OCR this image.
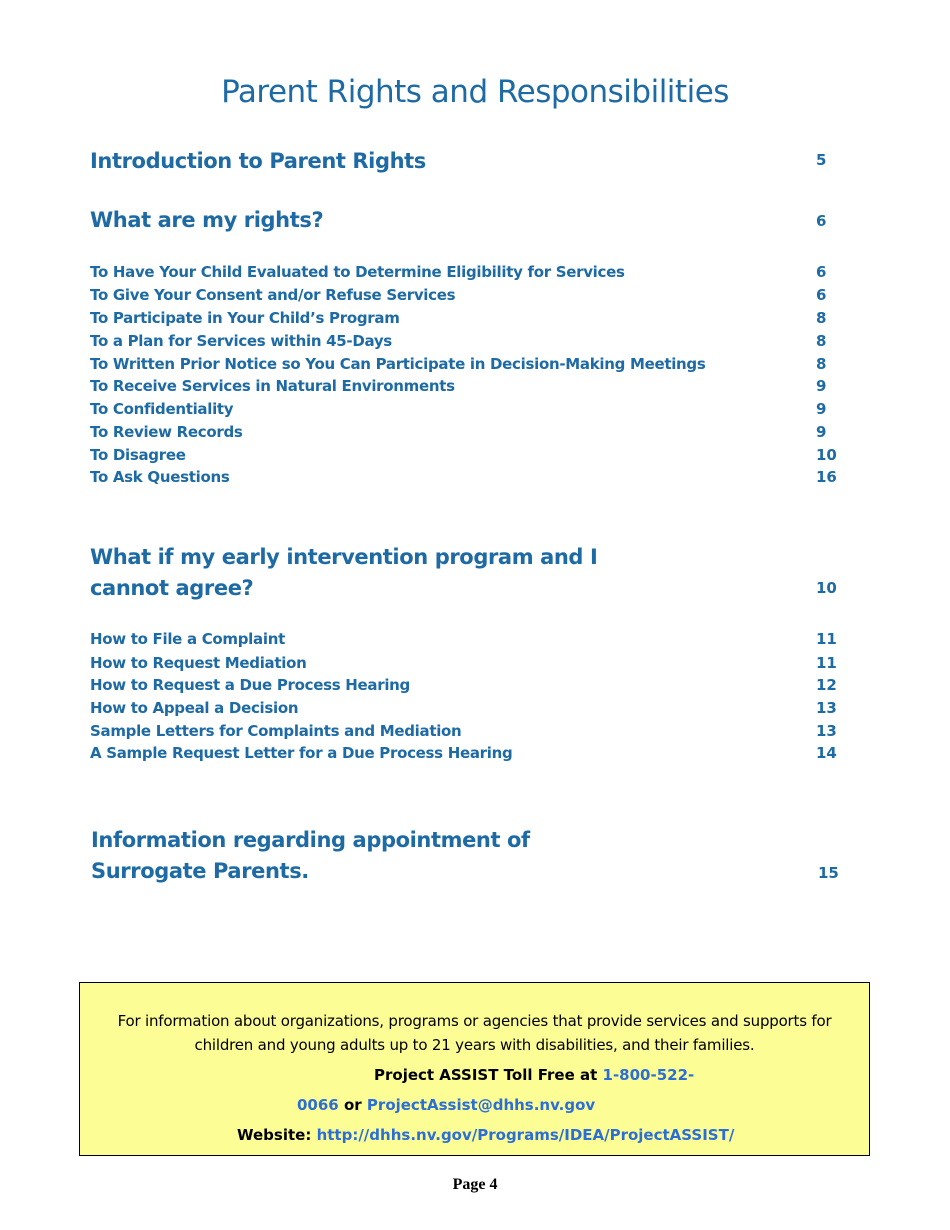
Parent Rights and Responsibilities
Introduction to Parent Rights	5
What are my rights?	6
To Have Your Child Evaluated to Determine Eligibility for Services	6
To Give Your Consent and/or Refuse Services	6
To Participate in Your Child’s Program	8
To a Plan for Services within 45-Days	8
To Written Prior Notice so You Can Participate in Decision-Making Meetings	8
To Receive Services in Natural Environments	9
To Confidentiality	9
To Review Records	9
To Disagree	10
To Ask Questions	16
What if my early intervention program and I
cannot agree?	10
How to File a Complaint	11
How to Request Mediation	11
How to Request a Due Process Hearing	12
How to Appeal a Decision	13
Sample Letters for Complaints and Mediation	13
A Sample Request Letter for a Due Process Hearing	14
Information regarding appointment of
Surrogate Parents.	15
For information about organizations, programs or agencies that provide services and supports for children and young adults up to 21 years with disabilities, and their families.
Project ASSIST Toll Free at 1-800-522-
0066 or ProjectAssist@dhhs.nv.gov
Website: http://dhhs.nv.gov/Programs/IDEA/ProjectASSIST/
Page 4
